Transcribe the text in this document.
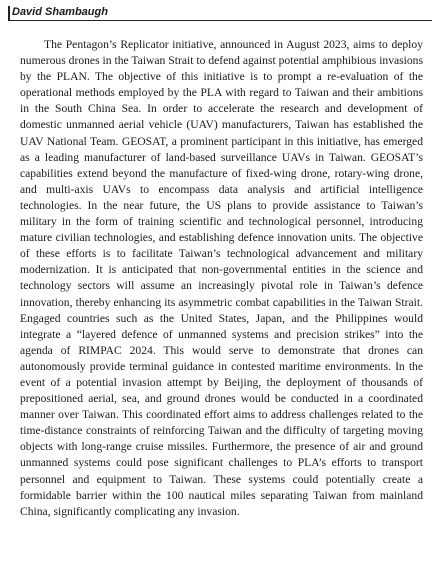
David Shambaugh

The Pentagon’s Replicator initiative, announced in August 2023, aims to deploy numerous drones in the Taiwan Strait to defend against potential amphibious invasions by the PLAN. The objective of this initiative is to prompt a re-evaluation of the operational methods employed by the PLA with regard to Taiwan and their ambitions in the South China Sea. In order to accelerate the research and development of domestic unmanned aerial vehicle (UAV) manufacturers, Taiwan has established the UAV National Team. GEOSAT, a prominent participant in this initiative, has emerged as a leading manufacturer of land-based surveillance UAVs in Taiwan. GEOSAT’s capabilities extend beyond the manufacture of fixed-wing drone, rotary-wing drone, and multi-axis UAVs to encompass data analysis and artificial intelligence technologies. In the near future, the US plans to provide assistance to Taiwan’s military in the form of training scientific and technological personnel, introducing mature civilian technologies, and establishing defence innovation units. The objective of these efforts is to facilitate Taiwan’s technological advancement and military modernization. It is anticipated that non-governmental entities in the science and technology sectors will assume an increasingly pivotal role in Taiwan’s defence innovation, thereby enhancing its asymmetric combat capabilities in the Taiwan Strait. Engaged countries such as the United States, Japan, and the Philippines would integrate a “layered defence of unmanned systems and precision strikes” into the agenda of RIMPAC 2024. This would serve to demonstrate that drones can autonomously provide terminal guidance in contested maritime environments. In the event of a potential invasion attempt by Beijing, the deployment of thousands of prepositioned aerial, sea, and ground drones would be conducted in a coordinated manner over Taiwan. This coordinated effort aims to address challenges related to the time-distance constraints of reinforcing Taiwan and the difficulty of targeting moving objects with long-range cruise missiles. Furthermore, the presence of air and ground unmanned systems could pose significant challenges to PLA’s efforts to transport personnel and equipment to Taiwan. These systems could potentially create a formidable barrier within the 100 nautical miles separating Taiwan from mainland China, significantly complicating any invasion.
